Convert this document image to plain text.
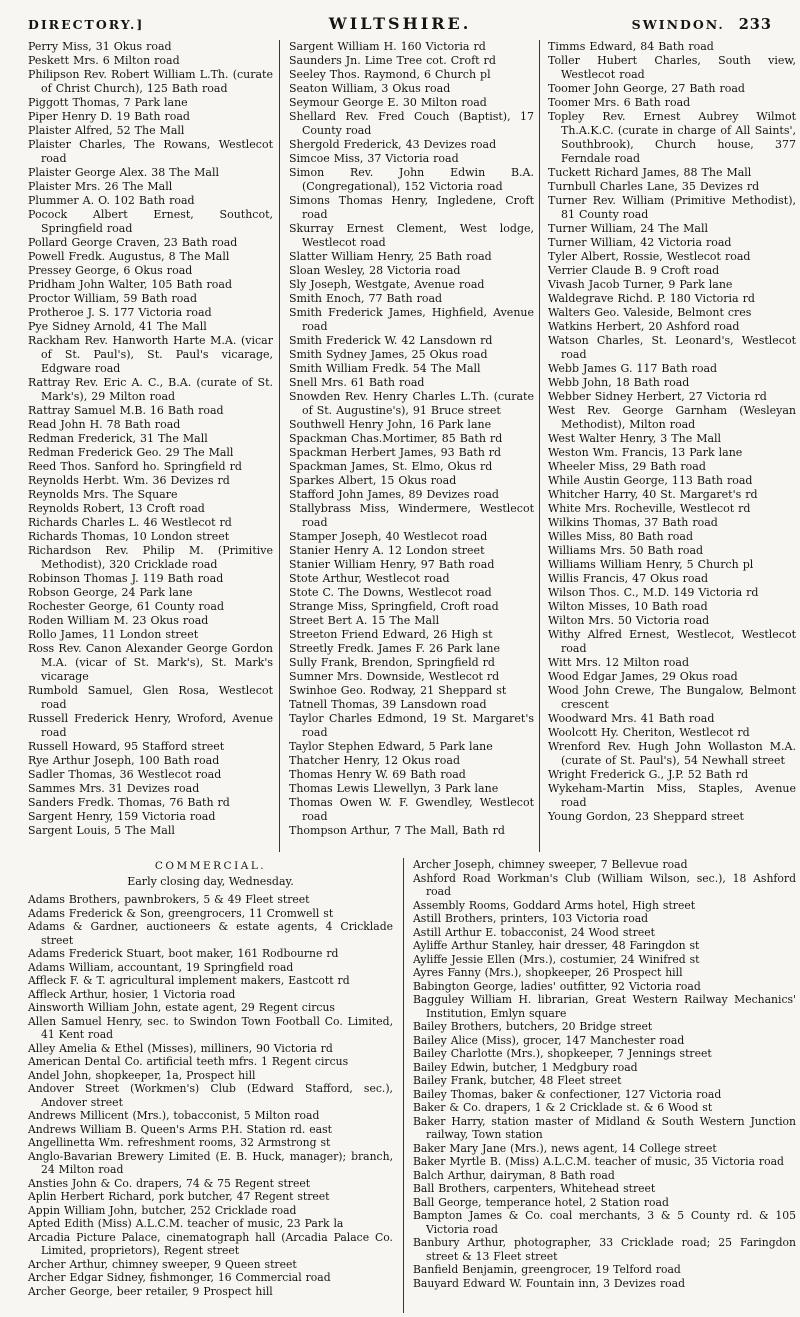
DIRECTORY.]	WILTSHIRE.	SWINDON. 233
Perry Miss, 31 Okus road
Peskett Mrs. 6 Milton road
Philipson Rev. Robert William L.Th. (curate of Christ Church), 125 Bath road
Piggott Thomas, 7 Park lane
Piper Henry D. 19 Bath road
Plaister Alfred, 52 The Mall
Plaister Charles, The Rowans, Westlecot road
Plaister George Alex. 38 The Mall
Plaister Mrs. 26 The Mall
Plummer A. O. 102 Bath road
Pocock Albert Ernest, Southcot, Springfield road
Pollard George Craven, 23 Bath road
Powell Fredk. Augustus, 8 The Mall
Pressey George, 6 Okus road
Pridham John Walter, 105 Bath road
Proctor William, 59 Bath road
Protheroe J. S. 177 Victoria road
Pye Sidney Arnold, 41 The Mall
Rackham Rev. Hanworth Harte M.A. (vicar of St. Paul's), St. Paul's vicarage, Edgware road
Rattray Rev. Eric A. C., B.A. (curate of St. Mark's), 29 Milton road
Rattray Samuel M.B. 16 Bath road
Read John H. 78 Bath road
Redman Frederick, 31 The Mall
Redman Frederick Geo. 29 The Mall
Reed Thos. Sanford ho. Springfield rd
Reynolds Herbt. Wm. 36 Devizes rd
Reynolds Mrs. The Square
Reynolds Robert, 13 Croft road
Richards Charles L. 46 Westlecot rd
Richards Thomas, 10 London street
Richardson Rev. Philip M. (Primitive Methodist), 320 Cricklade road
Robinson Thomas J. 119 Bath road
Robson George, 24 Park lane
Rochester George, 61 County road
Roden William M. 23 Okus road
Rollo James, 11 London street
Ross Rev. Canon Alexander George Gordon M.A. (vicar of St. Mark's), St. Mark's vicarage
Rumbold Samuel, Glen Rosa, Westlecot road
Russell Frederick Henry, Wroford, Avenue road
Russell Howard, 95 Stafford street
Rye Arthur Joseph, 100 Bath road
Sadler Thomas, 36 Westlecot road
Sammes Mrs. 31 Devizes road
Sanders Fredk. Thomas, 76 Bath rd
Sargent Henry, 159 Victoria road
Sargent Louis, 5 The Mall
Sargent William H. 160 Victoria rd
Saunders Jn. Lime Tree cot. Croft rd
Seeley Thos. Raymond, 6 Church pl
Seaton William, 3 Okus road
Seymour George E. 30 Milton road
Shellard Rev. Fred Couch (Baptist), 17 County road
Shergold Frederick, 43 Devizes road
Simcoe Miss, 37 Victoria road
Simon Rev. John Edwin B.A. (Congregational), 152 Victoria road
Simons Thomas Henry, Ingledene, Croft road
Skurray Ernest Clement, West lodge, Westlecot road
Slatter William Henry, 25 Bath road
Sloan Wesley, 28 Victoria road
Sly Joseph, Westgate, Avenue road
Smith Enoch, 77 Bath road
Smith Frederick James, Highfield, Avenue road
Smith Frederick W. 42 Lansdown rd
Smith Sydney James, 25 Okus road
Smith William Fredk. 54 The Mall
Snell Mrs. 61 Bath road
Snowden Rev. Henry Charles L.Th. (curate of St. Augustine's), 91 Bruce street
Southwell Henry John, 16 Park lane
Spackman Chas.Mortimer, 85 Bath rd
Spackman Herbert James, 93 Bath rd
Spackman James, St. Elmo, Okus rd
Sparkes Albert, 15 Okus road
Stafford John James, 89 Devizes road
Stallybrass Miss, Windermere, Westlecot road
Stamper Joseph, 40 Westlecot road
Stanier Henry A. 12 London street
Stanier William Henry, 97 Bath road
Stote Arthur, Westlecot road
Stote C. The Downs, Westlecot road
Strange Miss, Springfield, Croft road
Street Bert A. 15 The Mall
Streeton Friend Edward, 26 High st
Streetly Fredk. James F. 26 Park lane
Sully Frank, Brendon, Springfield rd
Sumner Mrs. Downside, Westlecot rd
Swinhoe Geo. Rodway, 21 Sheppard st
Tatnell Thomas, 39 Lansdown road
Taylor Charles Edmond, 19 St. Margaret's road
Taylor Stephen Edward, 5 Park lane
Thatcher Henry, 12 Okus road
Thomas Henry W. 69 Bath road
Thomas Lewis Llewellyn, 3 Park lane
Thomas Owen W. F. Gwendley, Westlecot road
Thompson Arthur, 7 The Mall, Bath rd
Timms Edward, 84 Bath road
Toller Hubert Charles, South view, Westlecot road
Toomer John George, 27 Bath road
Toomer Mrs. 6 Bath road
Topley Rev. Ernest Aubrey Wilmot Th.A.K.C. (curate in charge of All Saints', Southbrook), Church house, 377 Ferndale road
Tuckett Richard James, 88 The Mall
Turnbull Charles Lane, 35 Devizes rd
Turner Rev. William (Primitive Methodist), 81 County road
Turner William, 24 The Mall
Turner William, 42 Victoria road
Tyler Albert, Rossie, Westlecot road
Verrier Claude B. 9 Croft road
Vivash Jacob Turner, 9 Park lane
Waldegrave Richd. P. 180 Victoria rd
Walters Geo. Valeside, Belmont cres
Watkins Herbert, 20 Ashford road
Watson Charles, St. Leonard's, Westlecot road
Webb James G. 117 Bath road
Webb John, 18 Bath road
Webber Sidney Herbert, 27 Victoria rd
West Rev. George Garnham (Wesleyan Methodist), Milton road
West Walter Henry, 3 The Mall
Weston Wm. Francis, 13 Park lane
Wheeler Miss, 29 Bath road
While Austin George, 113 Bath road
Whitcher Harry, 40 St. Margaret's rd
White Mrs. Rocheville, Westlecot rd
Wilkins Thomas, 37 Bath road
Willes Miss, 80 Bath road
Williams Mrs. 50 Bath road
Williams William Henry, 5 Church pl
Willis Francis, 47 Okus road
Wilson Thos. C., M.D. 149 Victoria rd
Wilton Misses, 10 Bath road
Wilton Mrs. 50 Victoria road
Withy Alfred Ernest, Westlecot, Westlecot road
Witt Mrs. 12 Milton road
Wood Edgar James, 29 Okus road
Wood John Crewe, The Bungalow, Belmont crescent
Woodward Mrs. 41 Bath road
Woolcott Hy. Cheriton, Westlecot rd
Wrenford Rev. Hugh John Wollaston M.A. (curate of St. Paul's), 54 Newhall street
Wright Frederick G., J.P. 52 Bath rd
Wykeham-Martin Miss, Staples, Avenue road
Young Gordon, 23 Sheppard street
COMMERCIAL.
Early closing day, Wednesday.
Adams Brothers, pawnbrokers, 5 & 49 Fleet street
Adams Frederick & Son, greengrocers, 11 Cromwell st
Adams & Gardner, auctioneers & estate agents, 4 Cricklade street
Adams Frederick Stuart, boot maker, 161 Rodbourne rd
Adams William, accountant, 19 Springfield road
Affleck F. & T. agricultural implement makers, Eastcott rd
Affleck Arthur, hosier, 1 Victoria road
Ainsworth William John, estate agent, 29 Regent circus
Allen Samuel Henry, sec. to Swindon Town Football Co. Limited, 41 Kent road
Alley Amelia & Ethel (Misses), milliners, 90 Victoria rd
American Dental Co. artificial teeth mfrs. 1 Regent circus
Andel John, shopkeeper, 1a, Prospect hill
Andover Street (Workmen's) Club (Edward Stafford, sec.), Andover street
Andrews Millicent (Mrs.), tobacconist, 5 Milton road
Andrews William B. Queen's Arms P.H. Station rd. east
Angellinetta Wm. refreshment rooms, 32 Armstrong st
Anglo-Bavarian Brewery Limited (E. B. Huck, manager); branch, 24 Milton road
Ansties John & Co. drapers, 74 & 75 Regent street
Aplin Herbert Richard, pork butcher, 47 Regent street
Appin William John, butcher, 252 Cricklade road
Apted Edith (Miss) A.L.C.M. teacher of music, 23 Park la
Arcadia Picture Palace, cinematograph hall (Arcadia Palace Co. Limited, proprietors), Regent street
Archer Arthur, chimney sweeper, 9 Queen street
Archer Edgar Sidney, fishmonger, 16 Commercial road
Archer George, beer retailer, 9 Prospect hill
Archer Joseph, chimney sweeper, 7 Bellevue road
Ashford Road Workman's Club (William Wilson, sec.), 18 Ashford road
Assembly Rooms, Goddard Arms hotel, High street
Astill Brothers, printers, 103 Victoria road
Astill Arthur E. tobacconist, 24 Wood street
Ayliffe Arthur Stanley, hair dresser, 48 Faringdon st
Ayliffe Jessie Ellen (Mrs.), costumier, 24 Winifred st
Ayres Fanny (Mrs.), shopkeeper, 26 Prospect hill
Babington George, ladies' outfitter, 92 Victoria road
Bagguley William H. librarian, Great Western Railway Mechanics' Institution, Emlyn square
Bailey Brothers, butchers, 20 Bridge street
Bailey Alice (Miss), grocer, 147 Manchester road
Bailey Charlotte (Mrs.), shopkeeper, 7 Jennings street
Bailey Edwin, butcher, 1 Medgbury road
Bailey Frank, butcher, 48 Fleet street
Bailey Thomas, baker & confectioner, 127 Victoria road
Baker & Co. drapers, 1 & 2 Cricklade st. & 6 Wood st
Baker Harry, station master of Midland & South Western Junction railway, Town station
Baker Mary Jane (Mrs.), news agent, 14 College street
Baker Myrtle B. (Miss) A.L.C.M. teacher of music, 35 Victoria road
Balch Arthur, dairyman, 8 Bath road
Ball Brothers, carpenters, Whitehead street
Ball George, temperance hotel, 2 Station road
Bampton James & Co. coal merchants, 3 & 5 County rd. & 105 Victoria road
Banbury Arthur, photographer, 33 Cricklade road; 25 Faringdon street & 13 Fleet street
Banfield Benjamin, greengrocer, 19 Telford road
Bauyard Edward W. Fountain inn, 3 Devizes road
